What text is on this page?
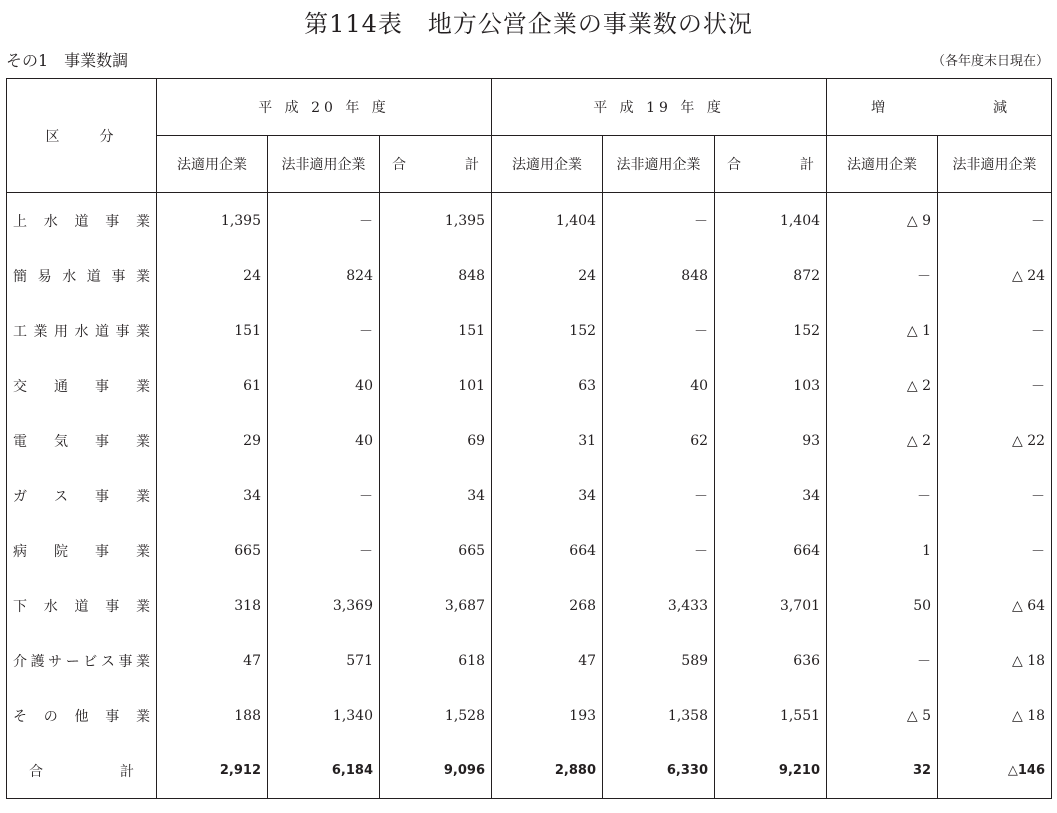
第114表　地方公営企業の事業数の状況
その1　事業数調	（各年度末日現在）
区　　分	平 成 20 年 度			平 成 19 年 度			増 減	

	法適用企業	法非適用企業	合　　計	法適用企業	法非適用企業	合　　計	法適用企業	法非適用企業
上水道事業	1,395	－	1,395	1,404	－	1,404	△ 9	－
簡易水道事業	24	824	848	24	848	872	－	△ 24
工業用水道事業	151	－	151	152	－	152	△ 1	－
交通事業	61	40	101	63	40	103	△ 2	－
電気事業	29	40	69	31	62	93	△ 2	△ 22
ガス事業	34	－	34	34	－	34	－	－
病院事業	665	－	665	664	－	664	1	－
下水道事業	318	3,369	3,687	268	3,433	3,701	50	△ 64
介護サービス事業	47	571	618	47	589	636	－	△ 18
その他事業	188	1,340	1,528	193	1,358	1,551	△ 5	△ 18
合　　計	2,912	6,184	9,096	2,880	6,330	9,210	32	△146
